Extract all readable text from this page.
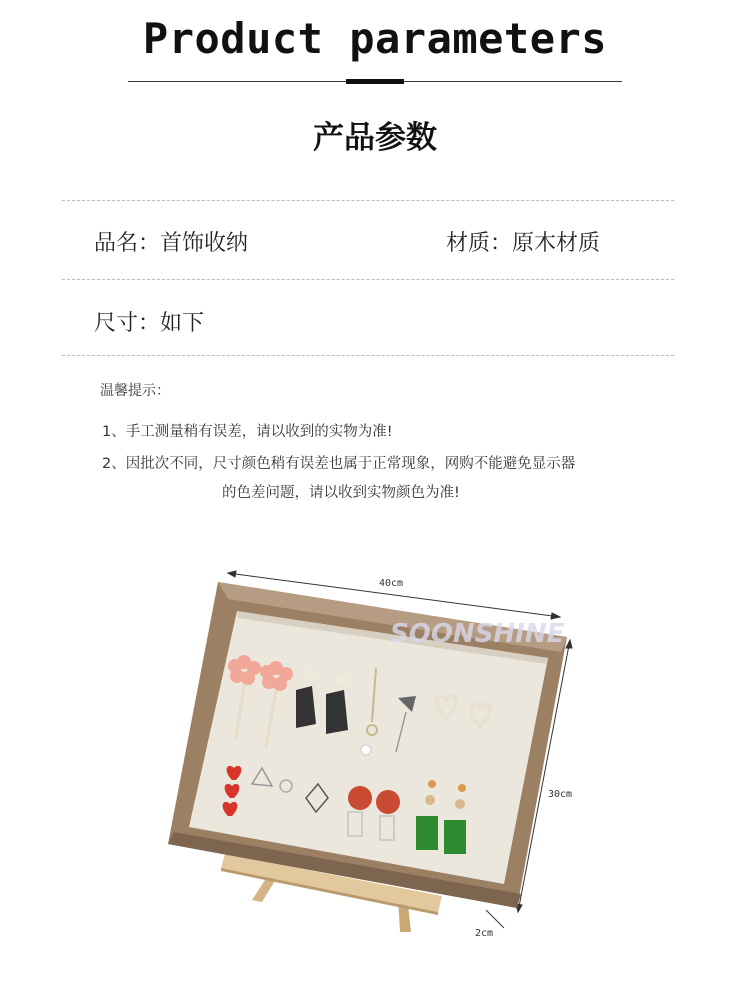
Product parameters
产品参数
品名：首饰收纳	材质：原木材质
尺寸：如下
温馨提示：
1、手工测量稍有误差，请以收到的实物为准!
2、因批次不同，尺寸颜色稍有误差也属于正常现象，网购不能避免显示器
的色差问题，请以收到实物颜色为准!
SOONSHINE
40cm
30cm
2cm
